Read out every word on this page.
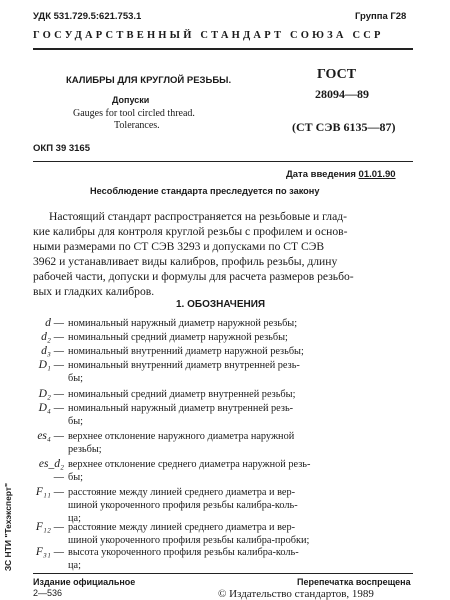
УДК 531.729.5:621.753.1	Группа Г28
ГОСУДАРСТВЕННЫЙ СТАНДАРТ СОЮЗА ССР
КАЛИБРЫ ДЛЯ КРУГЛОЙ РЕЗЬБЫ.
Допуски
Gauges for tool circled thread.
Tolerances.
ГОСТ
28094—89
(СТ СЭВ 6135—87)
ОКП 39 3165
Дата введения 01.01.90
Несоблюдение стандарта преследуется по закону
Настоящий стандарт распространяется на резьбовые и глад-
кие калибры для контроля круглой резьбы с профилем и основ-
ными размерами по СТ СЭВ 3293 и допусками по СТ СЭВ
3962 и устанавливает виды калибров, профиль резьбы, длину
рабочей части, допуски и формулы для расчета размеров резьбо-
вых и гладких калибров.
1. ОБОЗНАЧЕНИЯ
d — номинальный наружный диаметр наружной резьбы;
d₂ — номинальный средний диаметр наружной резьбы;
d₃ — номинальный внутренний диаметр наружной резьбы;
D₁ — номинальный внутренний диаметр внутренней резь-
бы;
D₂ — номинальный средний диаметр внутренней резьбы;
D₄ — номинальный наружный диаметр внутренней резь-
бы;
es₄ — верхнее отклонение наружного диаметра наружной
резьбы;
es_d₂ —
верхнее отклонение среднего диаметра наружной резь-
бы;
F₁₁ — расстояние между линией среднего диаметра и вер-
шиной укороченного профиля резьбы калибра-коль-
ца;
F₁₂ — расстояние между линией среднего диаметра и вер-
шиной укороченного профиля резьбы калибра-пробки;
F₃₁ — высота укороченного профиля резьбы калибра-коль-
ца;
Издание официальное	Перепечатка воспрещена
© Издательство стандартов, 1989
2—536
ЗС НТИ "Техэксперт"
